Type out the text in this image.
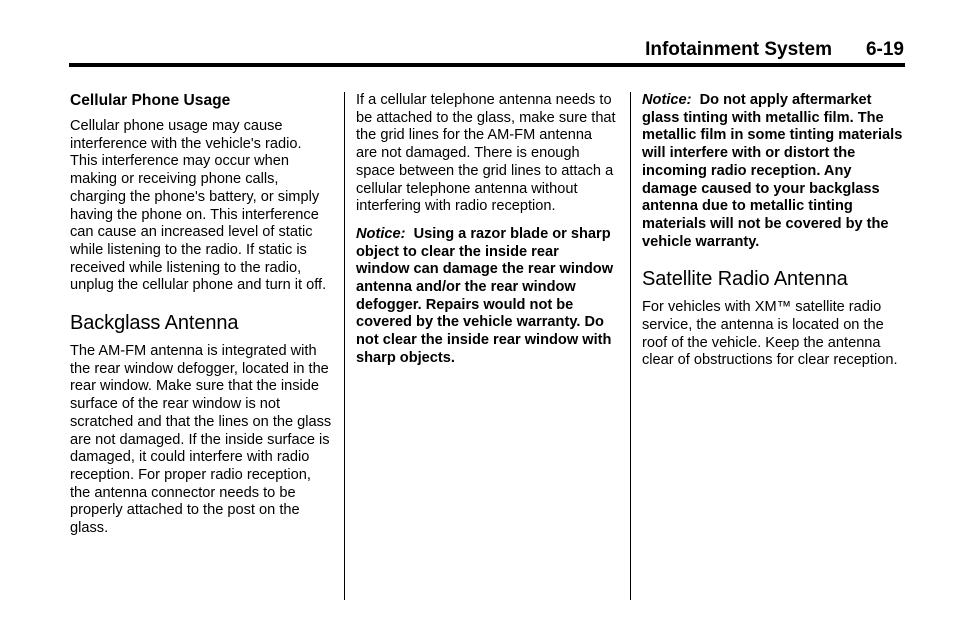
Infotainment System 6-19
Cellular Phone Usage

Cellular phone usage may cause interference with the vehicle's radio. This interference may occur when making or receiving phone calls, charging the phone's battery, or simply having the phone on. This interference can cause an increased level of static while listening to the radio. If static is received while listening to the radio, unplug the cellular phone and turn it off.

Backglass Antenna

The AM-FM antenna is integrated with the rear window defogger, located in the rear window. Make sure that the inside surface of the rear window is not scratched and that the lines on the glass are not damaged. If the inside surface is damaged, it could interfere with radio reception. For proper radio reception, the antenna connector needs to be properly attached to the post on the glass.

If a cellular telephone antenna needs to be attached to the glass, make sure that the grid lines for the AM-FM antenna are not damaged. There is enough space between the grid lines to attach a cellular telephone antenna without interfering with radio reception.

Notice: Using a razor blade or sharp object to clear the inside rear window can damage the rear window antenna and/or the rear window defogger. Repairs would not be covered by the vehicle warranty. Do not clear the inside rear window with sharp objects.

Notice: Do not apply aftermarket glass tinting with metallic film. The metallic film in some tinting materials will interfere with or distort the incoming radio reception. Any damage caused to your backglass antenna due to metallic tinting materials will not be covered by the vehicle warranty.

Satellite Radio Antenna

For vehicles with XM™ satellite radio service, the antenna is located on the roof of the vehicle. Keep the antenna clear of obstructions for clear reception.
